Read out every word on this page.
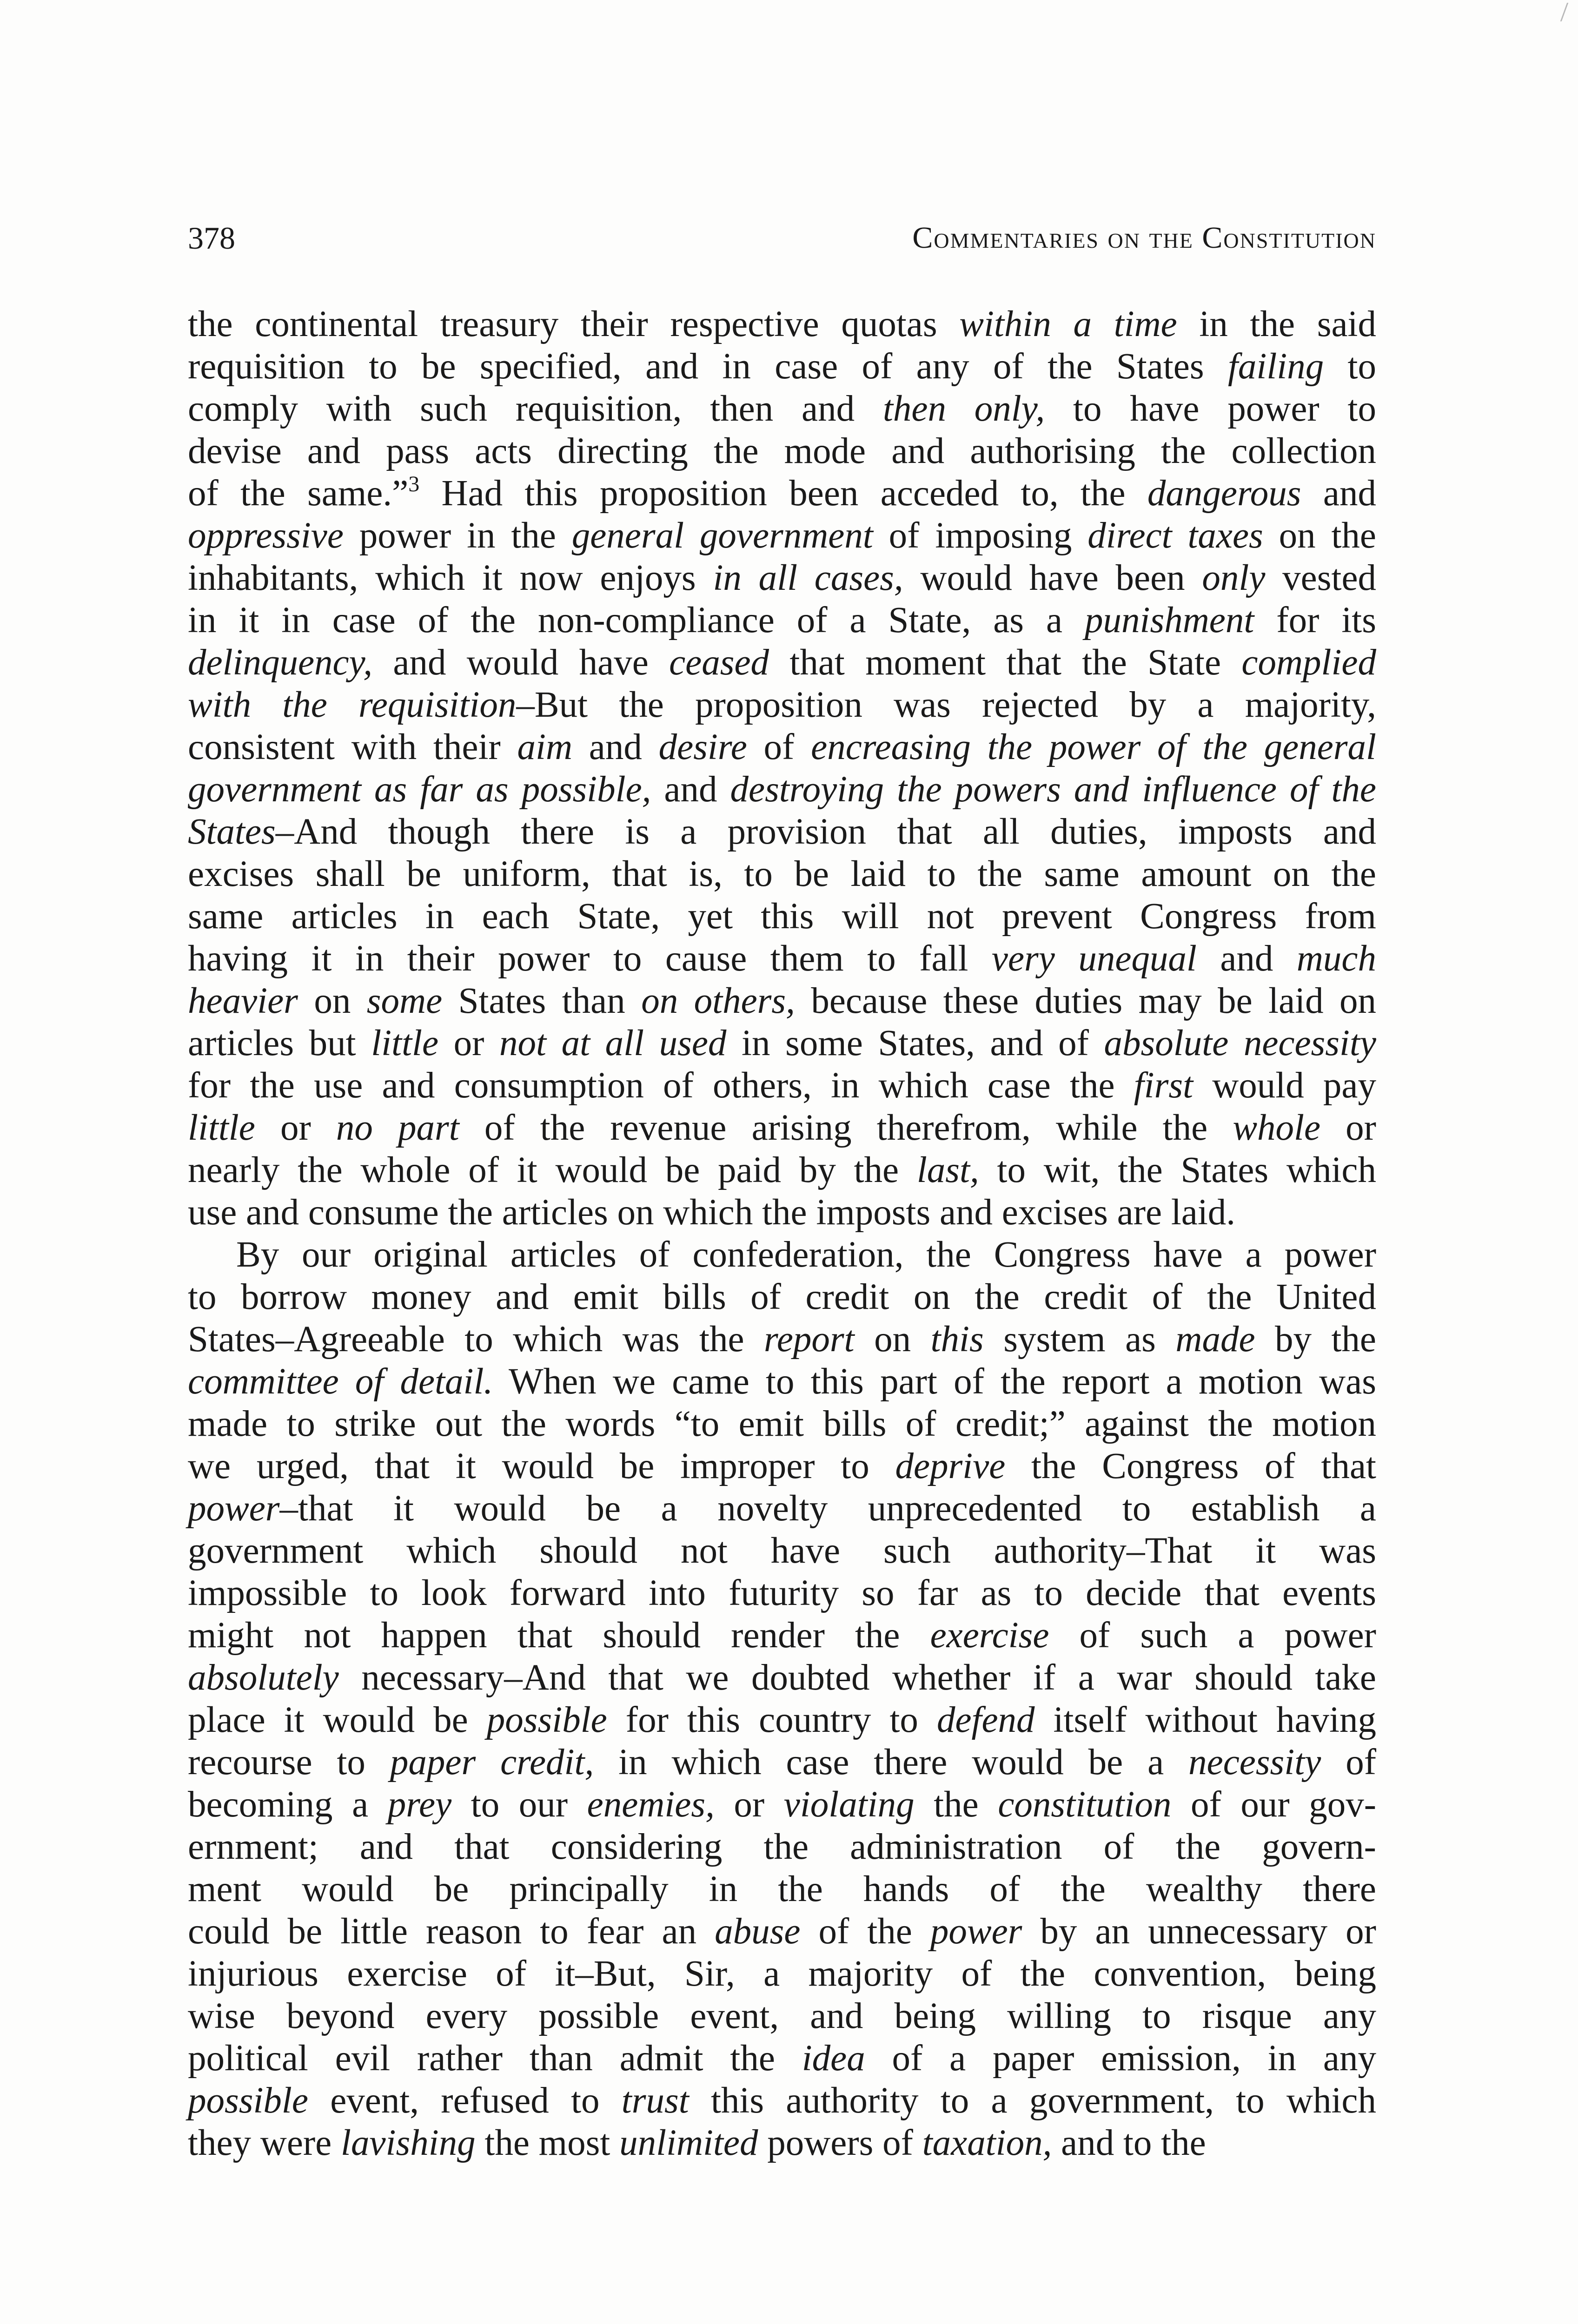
378	Commentaries on the Constitution
the continental treasury their respective quotas within a time in the said
requisition to be specified, and in case of any of the States failing to
comply with such requisition, then and then only, to have power to
devise and pass acts directing the mode and authorising the collection
of the same.”$^3$ Had this proposition been acceded to, the dangerous and
oppressive power in the general government of imposing direct taxes on the
inhabitants, which it now enjoys in all cases, would have been only vested
in it in case of the non-compliance of a State, as a punishment for its
delinquency, and would have ceased that moment that the State complied
with the requisition–But the proposition was rejected by a majority,
consistent with their aim and desire of encreasing the power of the general
government as far as possible, and destroying the powers and influence of the
States–And though there is a provision that all duties, imposts and
excises shall be uniform, that is, to be laid to the same amount on the
same articles in each State, yet this will not prevent Congress from
having it in their power to cause them to fall very unequal and much
heavier on some States than on others, because these duties may be laid on
articles but little or not at all used in some States, and of absolute necessity
for the use and consumption of others, in which case the first would pay
little or no part of the revenue arising therefrom, while the whole or
nearly the whole of it would be paid by the last, to wit, the States which
use and consume the articles on which the imposts and excises are laid.
By our original articles of confederation, the Congress have a power
to borrow money and emit bills of credit on the credit of the United
States–Agreeable to which was the report on this system as made by the
committee of detail. When we came to this part of the report a motion was
made to strike out the words “to emit bills of credit;” against the motion
we urged, that it would be improper to deprive the Congress of that
power–that it would be a novelty unprecedented to establish a
government which should not have such authority–That it was
impossible to look forward into futurity so far as to decide that events
might not happen that should render the exercise of such a power
absolutely necessary–And that we doubted whether if a war should take
place it would be possible for this country to defend itself without having
recourse to paper credit, in which case there would be a necessity of
becoming a prey to our enemies, or violating the constitution of our gov-
ernment; and that considering the administration of the govern-
ment would be principally in the hands of the wealthy there
could be little reason to fear an abuse of the power by an unnecessary or
injurious exercise of it–But, Sir, a majority of the convention, being
wise beyond every possible event, and being willing to risque any
political evil rather than admit the idea of a paper emission, in any
possible event, refused to trust this authority to a government, to which
they were lavishing the most unlimited powers of taxation, and to the
